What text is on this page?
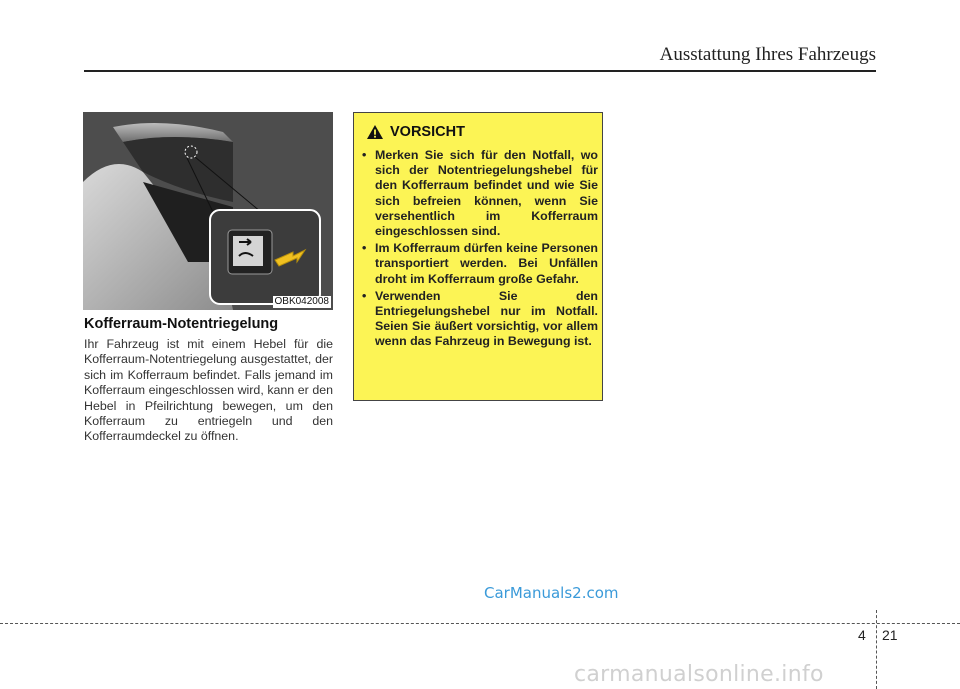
Ausstattung Ihres Fahrzeugs
OBK042008
Kofferraum-Notentriegelung

Ihr Fahrzeug ist mit einem Hebel für die Kofferraum-Notentriegelung ausgestattet, der sich im Kofferraum befindet. Falls jemand im Kofferraum eingeschlossen wird, kann er den Hebel in Pfeilrichtung bewegen, um den Kofferraum zu entriegeln und den Kofferraumdeckel zu öffnen.

VORSICHT
• Merken Sie sich für den Notfall, wo sich der Notentriegelungshebel für den Kofferraum befindet und wie Sie sich befreien können, wenn Sie versehentlich im Kofferraum eingeschlossen sind.
• Im Kofferraum dürfen keine Personen transportiert werden. Bei Unfällen droht im Kofferraum große Gefahr.
• Verwenden Sie den Entriegelungshebel nur im Notfall. Seien Sie äußert vorsichtig, vor allem wenn das Fahrzeug in Bewegung ist.
CarManuals2.com
4 21
carmanualsonline.info
